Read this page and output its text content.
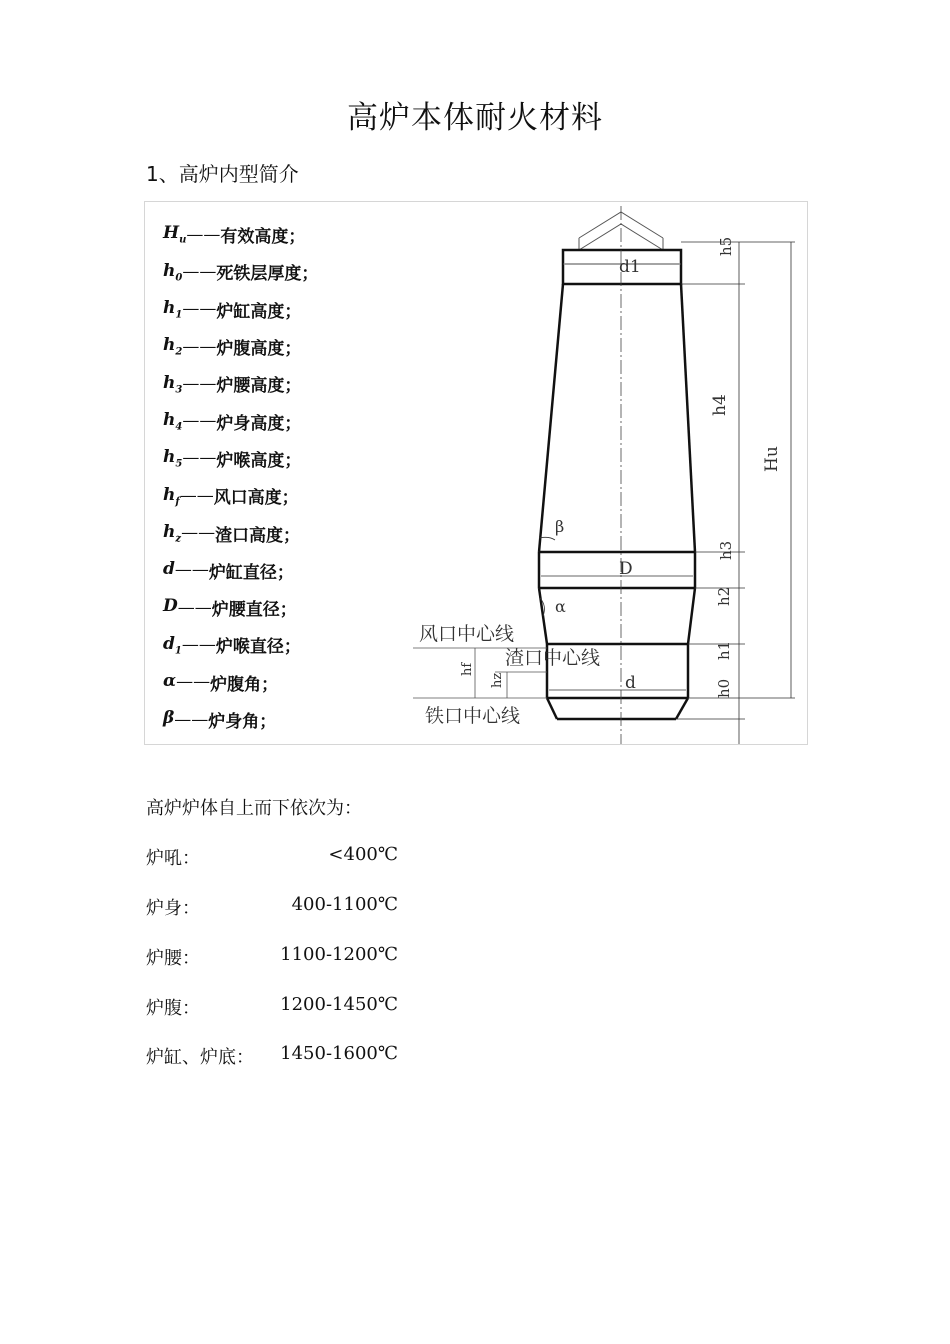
高炉本体耐火材料
1、高炉内型简介
$H_u$ —— 有效高度；
$h_0$ —— 死铁层厚度；
$h_1$ —— 炉缸高度；
$h_2$ —— 炉腹高度；
$h_3$ —— 炉腰高度；
$h_4$ —— 炉身高度；
$h_5$ —— 炉喉高度；
$h_f$ —— 风口高度；
$h_z$ —— 渣口高度；
d —— 炉缸直径；
D —— 炉腰直径；
$d_1$ —— 炉喉直径；
α —— 炉腹角；
β —— 炉身角；
d1
D
d
β
α
h5
h4
h3
h2
h1
h0
Hu
hf
hz
风口中心线
渣口中心线
铁口中心线
高炉炉体自上而下依次为：
炉吼：	<400℃
炉身：	400-1100℃
炉腰：	1100-1200℃
炉腹：	1200-1450℃
炉缸、炉底： 1450-1600℃
